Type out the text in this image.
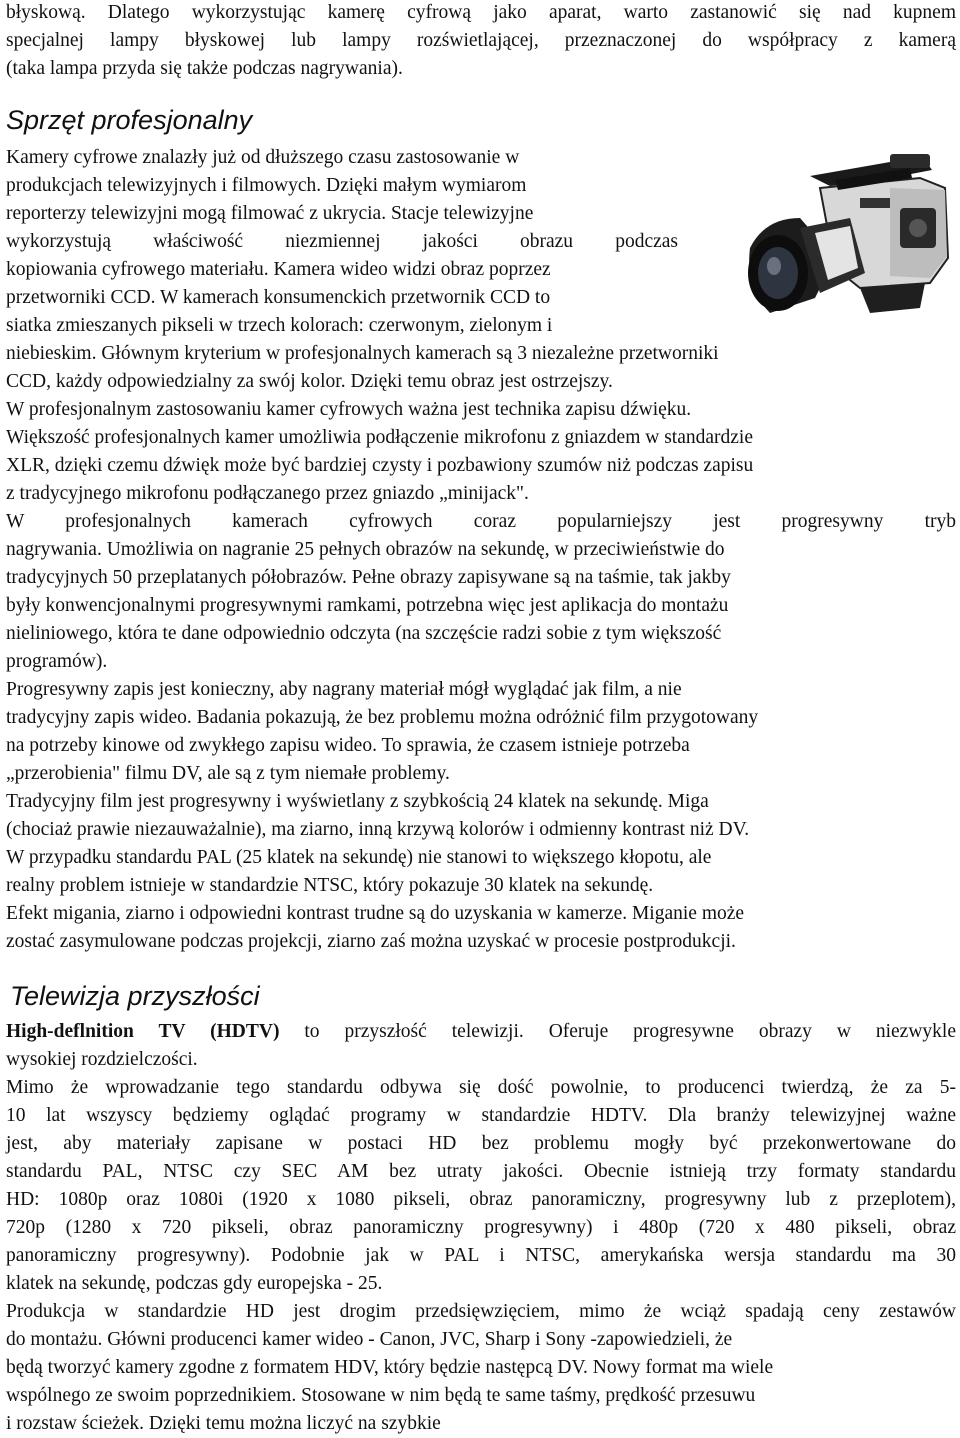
błyskową. Dlatego wykorzystując kamerę cyfrową jako aparat, warto zastanowić się nad kupnem
specjalnej lampy błyskowej lub lampy rozświetlającej, przeznaczonej do współpracy z kamerą
(taka lampa przyda się także podczas nagrywania).
Sprzęt profesjonalny
Kamery cyfrowe znalazły już od dłuższego czasu zastosowanie w
produkcjach telewizyjnych i filmowych. Dzięki małym wymiarom
reporterzy telewizyjni mogą filmować z ukrycia. Stacje telewizyjne
wykorzystują właściwość niezmiennej jakości obrazu podczas
kopiowania cyfrowego materiału. Kamera wideo widzi obraz poprzez
przetworniki CCD. W kamerach konsumenckich przetwornik CCD to
siatka zmieszanych pikseli w trzech kolorach: czerwonym, zielonym i
niebieskim. Głównym kryterium w profesjonalnych kamerach są 3 niezależne przetworniki
CCD, każdy odpowiedzialny za swój kolor. Dzięki temu obraz jest ostrzejszy.
W profesjonalnym zastosowaniu kamer cyfrowych ważna jest technika zapisu dźwięku.
Większość profesjonalnych kamer umożliwia podłączenie mikrofonu z gniazdem w standardzie
XLR, dzięki czemu dźwięk może być bardziej czysty i pozbawiony szumów niż podczas zapisu
z tradycyjnego mikrofonu podłączanego przez gniazdo „minijack".
W profesjonalnych kamerach cyfrowych coraz popularniejszy jest progresywny tryb
nagrywania. Umożliwia on nagranie 25 pełnych obrazów na sekundę, w przeciwieństwie do
tradycyjnych 50 przeplatanych półobrazów. Pełne obrazy zapisywane są na taśmie, tak jakby
były konwencjonalnymi progresywnymi ramkami, potrzebna więc jest aplikacja do montażu
nieliniowego, która te dane odpowiednio odczyta (na szczęście radzi sobie z tym większość
programów).
Progresywny zapis jest konieczny, aby nagrany materiał mógł wyglądać jak film, a nie
tradycyjny zapis wideo. Badania pokazują, że bez problemu można odróżnić film przygotowany
na potrzeby kinowe od zwykłego zapisu wideo. To sprawia, że czasem istnieje potrzeba
„przerobienia" filmu DV, ale są z tym niemałe problemy.
Tradycyjny film jest progresywny i wyświetlany z szybkością 24 klatek na sekundę. Miga
(chociaż prawie niezauważalnie), ma ziarno, inną krzywą kolorów i odmienny kontrast niż DV.
W przypadku standardu PAL (25 klatek na sekundę) nie stanowi to większego kłopotu, ale
realny problem istnieje w standardzie NTSC, który pokazuje 30 klatek na sekundę.
Efekt migania, ziarno i odpowiedni kontrast trudne są do uzyskania w kamerze. Miganie może
zostać zasymulowane podczas projekcji, ziarno zaś można uzyskać w procesie postprodukcji.
Telewizja przyszłości
High-deflnition TV (HDTV) to przyszłość telewizji. Oferuje progresywne obrazy w niezwykle
wysokiej rozdzielczości.
Mimo że wprowadzanie tego standardu odbywa się dość powolnie, to producenci twierdzą, że za 5-
10 lat wszyscy będziemy oglądać programy w standardzie HDTV. Dla branży telewizyjnej ważne
jest, aby materiały zapisane w postaci HD bez problemu mogły być przekonwertowane do
standardu PAL, NTSC czy SEC AM bez utraty jakości. Obecnie istnieją trzy formaty standardu
HD: 1080p oraz 1080i (1920 x 1080 pikseli, obraz panoramiczny, progresywny lub z przeplotem),
720p (1280 x 720 pikseli, obraz panoramiczny progresywny) i 480p (720 x 480 pikseli, obraz
panoramiczny progresywny). Podobnie jak w PAL i NTSC, amerykańska wersja standardu ma 30
klatek na sekundę, podczas gdy europejska - 25.
Produkcja w standardzie HD jest drogim przedsięwzięciem, mimo że wciąż spadają ceny zestawów
do montażu. Główni producenci kamer wideo - Canon, JVC, Sharp i Sony -zapowiedzieli, że
będą tworzyć kamery zgodne z formatem HDV, który będzie następcą DV. Nowy format ma wiele
wspólnego ze swoim poprzednikiem. Stosowane w nim będą te same taśmy, prędkość przesuwu
i rozstaw ścieżek. Dzięki temu można liczyć na szybkie
